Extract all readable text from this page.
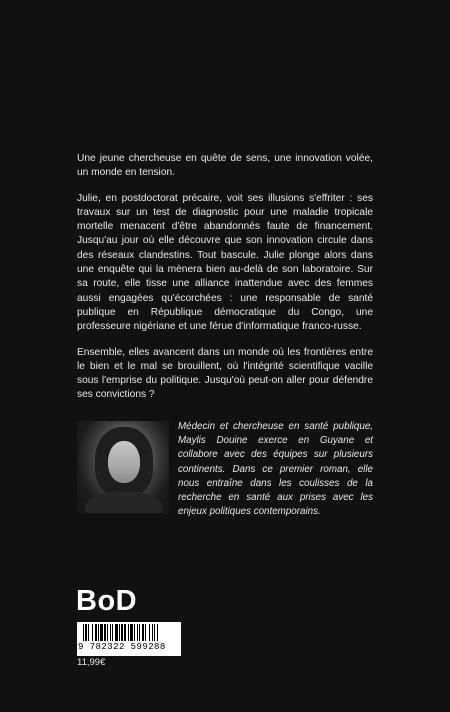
Une jeune chercheuse en quête de sens, une innovation volée, un monde en tension.

Julie, en postdoctorat précaire, voit ses illusions s'effriter : ses travaux sur un test de diagnostic pour une maladie tropicale mortelle menacent d'être abandonnés faute de financement. Jusqu'au jour où elle découvre que son innovation circule dans des réseaux clandestins. Tout bascule. Julie plonge alors dans une enquête qui la mènera bien au-delà de son laboratoire. Sur sa route, elle tisse une alliance inattendue avec des femmes aussi engagées qu'écorchées : une responsable de santé publique en République démocratique du Congo, une professeure nigériane et une férue d'informatique franco-russe.

Ensemble, elles avancent dans un monde où les frontières entre le bien et le mal se brouillent, où l'intégrité scientifique vacille sous l'emprise du politique. Jusqu'où peut-on aller pour défendre ses convictions ?

Médecin et chercheuse en santé publique, Maylis Douine exerce en Guyane et collabore avec des équipes sur plusieurs continents. Dans ce premier roman, elle nous entraîne dans les coulisses de la recherche en santé aux prises avec les enjeux politiques contemporains.
BoD
9 782322 599288
11,99€
